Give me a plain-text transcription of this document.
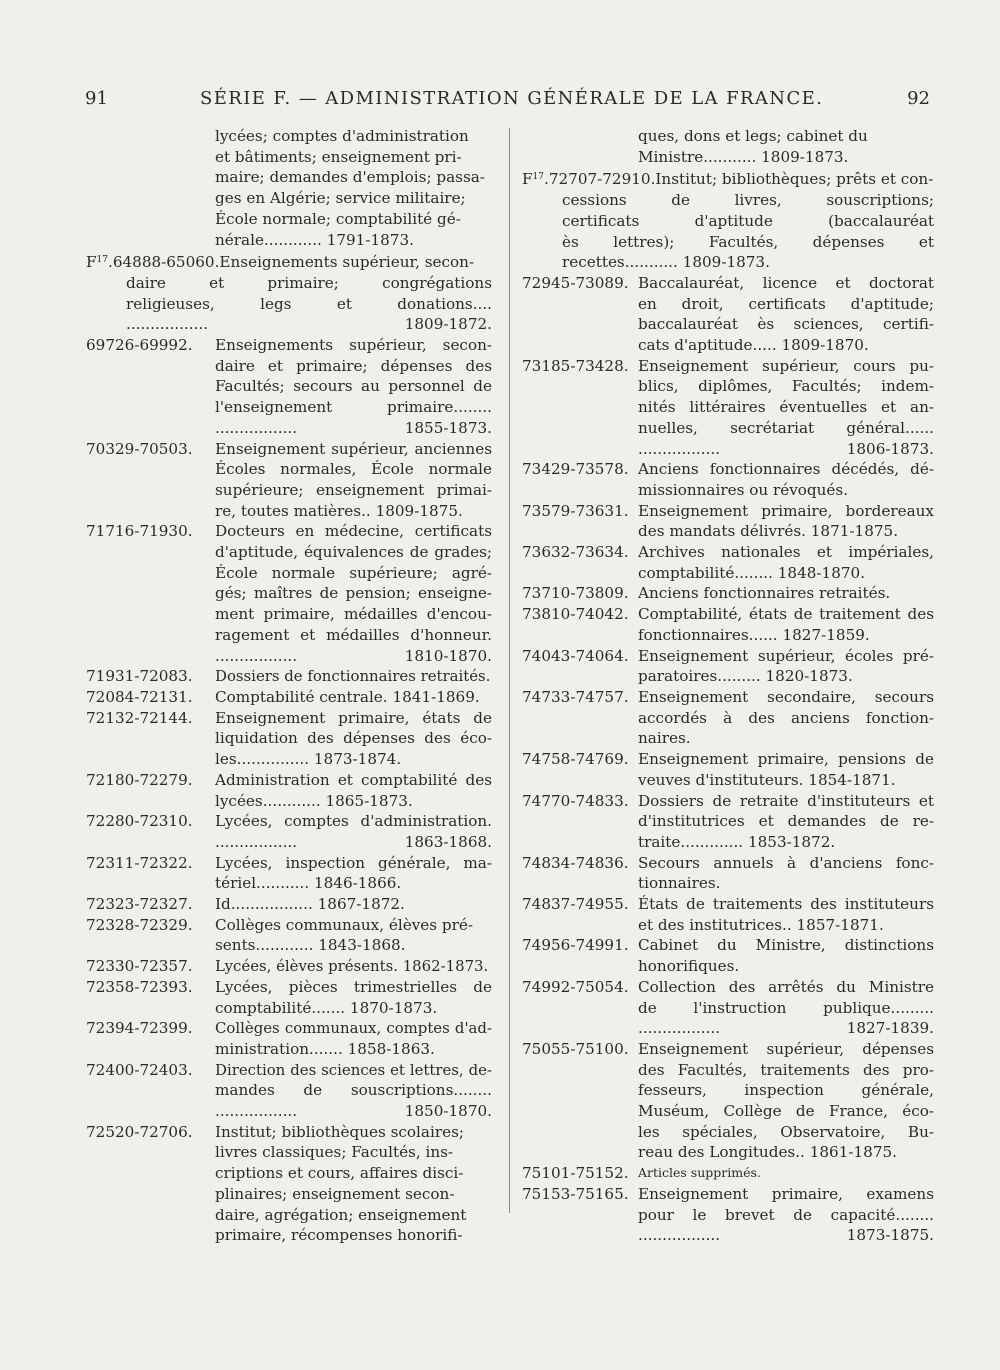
91	SÉRIE F. — ADMINISTRATION GÉNÉRALE DE LA FRANCE.	92
lycées; comptes d'administration
et bâtiments; enseignement pri-
maire; demandes d'emplois; passa-
ges en Algérie; service militaire;
École normale; comptabilité gé-
nérale............ 1791-1873.
$F^{17}.64888-65060.Enseignements$ supérieur, secon-

daire et primaire; congrégations
religieuses, legs et donations....
................. 1809-1872.
69726-69992. Enseignements supérieur, secon-
daire et primaire; dépenses des
Facultés; secours au personnel de
l'enseignement primaire........
................. 1855-1873.
70329-70503. Enseignement supérieur, anciennes
Écoles normales, École normale
supérieure; enseignement primai-
re, toutes matières.. 1809-1875.
71716-71930. Docteurs en médecine, certificats
d'aptitude, équivalences de grades;
École normale supérieure; agré-
gés; maîtres de pension; enseigne-
ment primaire, médailles d'encou-
ragement et médailles d'honneur.
................. 1810-1870.
71931-72083. Dossiers de fonctionnaires retraités.
72084-72131. Comptabilité centrale. 1841-1869.
72132-72144. Enseignement primaire, états de
liquidation des dépenses des éco-
les............... 1873-1874.
72180-72279. Administration et comptabilité des
lycées............ 1865-1873.
72280-72310. Lycées, comptes d'administration.
................. 1863-1868.
72311-72322. Lycées, inspection générale, ma-
tériel........... 1846-1866.
72323-72327. Id................. 1867-1872.
72328-72329. Collèges communaux, élèves pré-
sents............ 1843-1868.
72330-72357. Lycées, élèves présents. 1862-1873.
72358-72393. Lycées, pièces trimestrielles de
comptabilité....... 1870-1873.
72394-72399. Collèges communaux, comptes d'ad-
ministration....... 1858-1863.
72400-72403. Direction des sciences et lettres, de-
mandes de souscriptions........
................. 1850-1870.
72520-72706. Institut; bibliothèques scolaires;
livres classiques; Facultés, ins-
criptions et cours, affaires disci-
plinaires; enseignement secon-
daire, agrégation; enseignement
primaire, récompenses honorifi-
ques, dons et legs; cabinet du
Ministre........... 1809-1873.
$F^{17}.72707-72910.Institut$; bibliothèques; prêts et con-

cessions de livres, souscriptions;
certificats d'aptitude (baccalauréat
ès lettres); Facultés, dépenses et
recettes........... 1809-1873.
72945-73089. Baccalauréat, licence et doctorat
en droit, certificats d'aptitude;
baccalauréat ès sciences, certifi-
cats d'aptitude..... 1809-1870.
73185-73428. Enseignement supérieur, cours pu-
blics, diplômes, Facultés; indem-
nités littéraires éventuelles et an-
nuelles, secrétariat général......
................. 1806-1873.
73429-73578. Anciens fonctionnaires décédés, dé-
missionnaires ou révoqués.
73579-73631. Enseignement primaire, bordereaux
des mandats délivrés. 1871-1875.
73632-73634. Archives nationales et impériales,
comptabilité........ 1848-1870.
73710-73809. Anciens fonctionnaires retraités.
73810-74042. Comptabilité, états de traitement des
fonctionnaires...... 1827-1859.
74043-74064. Enseignement supérieur, écoles pré-
paratoires......... 1820-1873.
74733-74757. Enseignement secondaire, secours
accordés à des anciens fonction-
naires.
74758-74769. Enseignement primaire, pensions de
veuves d'instituteurs. 1854-1871.
74770-74833. Dossiers de retraite d'instituteurs et
d'institutrices et demandes de re-
traite............. 1853-1872.
74834-74836. Secours annuels à d'anciens fonc-
tionnaires.
74837-74955. États de traitements des instituteurs
et des institutrices.. 1857-1871.
74956-74991. Cabinet du Ministre, distinctions
honorifiques.
74992-75054. Collection des arrêtés du Ministre
de l'instruction publique.........
................. 1827-1839.
75055-75100. Enseignement supérieur, dépenses
des Facultés, traitements des pro-
fesseurs, inspection générale,
Muséum, Collège de France, éco-
les spéciales, Observatoire, Bu-
reau des Longitudes.. 1861-1875.
75101-75152. Articles supprimés.
75153-75165. Enseignement primaire, examens
pour le brevet de capacité........
................. 1873-1875.
